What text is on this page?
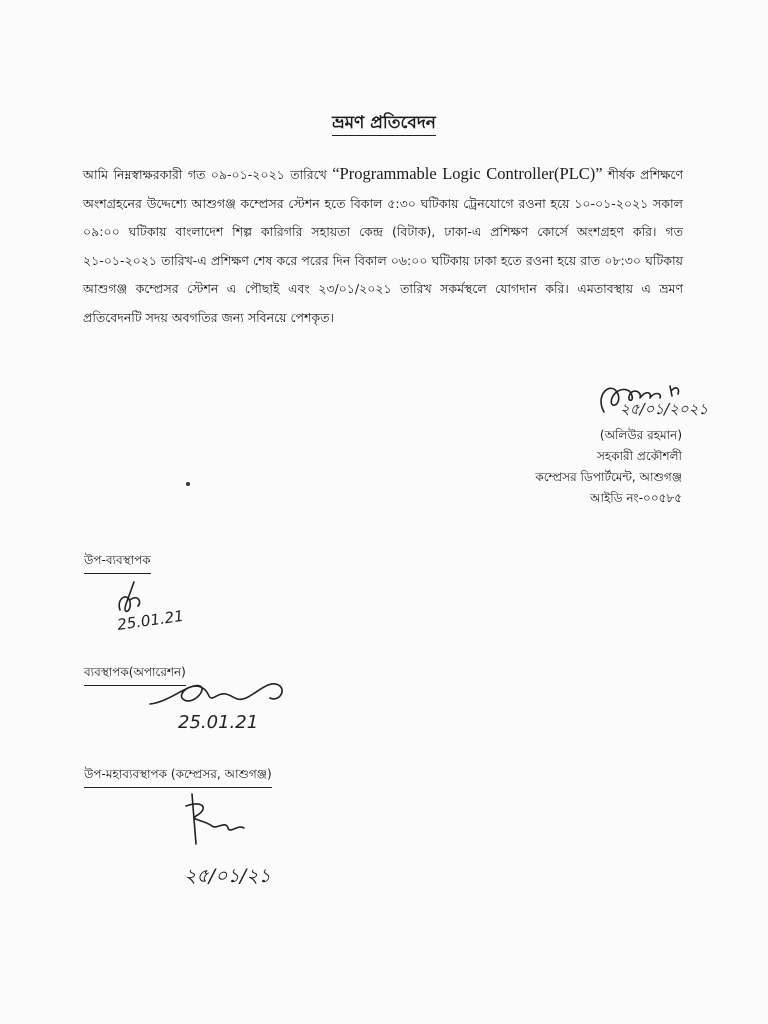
ভ্রমণ প্রতিবেদন
আমি নিম্নস্বাক্ষরকারী গত ০৯-০১-২০২১ তারিখে “Programmable Logic Controller(PLC)” শীর্ষক প্রশিক্ষণে অংশগ্রহনের উদ্দেশ্যে আশুগঞ্জ কম্প্রেসর স্টেশন হতে বিকাল ৫:৩০ ঘটিকায় ট্রেনযোগে রওনা হয়ে ১০-০১-২০২১ সকাল ০৯:০০ ঘটিকায় বাংলাদেশ শিল্প কারিগরি সহায়তা কেন্দ্র (বিটাক), ঢাকা-এ প্রশিক্ষণ কোর্সে অংশগ্রহণ করি। গত ২১-০১-২০২১ তারিখ-এ প্রশিক্ষণ শেষ করে পরের দিন বিকাল ০৬:০০ ঘটিকায় ঢাকা হতে রওনা হয়ে রাত ০৮:৩০ ঘটিকায় আশুগঞ্জ কম্প্রেসর স্টেশন এ পৌছাই এবং ২৩/০১/২০২১ তারিখ সকর্মস্থলে যোগদান করি। এমতাবস্থায় এ ভ্রমণ প্রতিবেদনটি সদয় অবগতির জন্য সবিনয়ে পেশকৃত।
২৫/০১/২০২১
(অলিউর রহমান)
সহকারী প্রকৌশলী
কম্প্রেসর ডিপার্টমেন্ট, আশুগঞ্জ
আইডি নং-০০৫৮৫
উপ-ব্যবস্থাপক
25.01.21
ব্যবস্থাপক(অপারেশন)
25.01.21
উপ-মহাব্যবস্থাপক (কম্প্রেসর, আশুগঞ্জ)
২৫/০১/২১
